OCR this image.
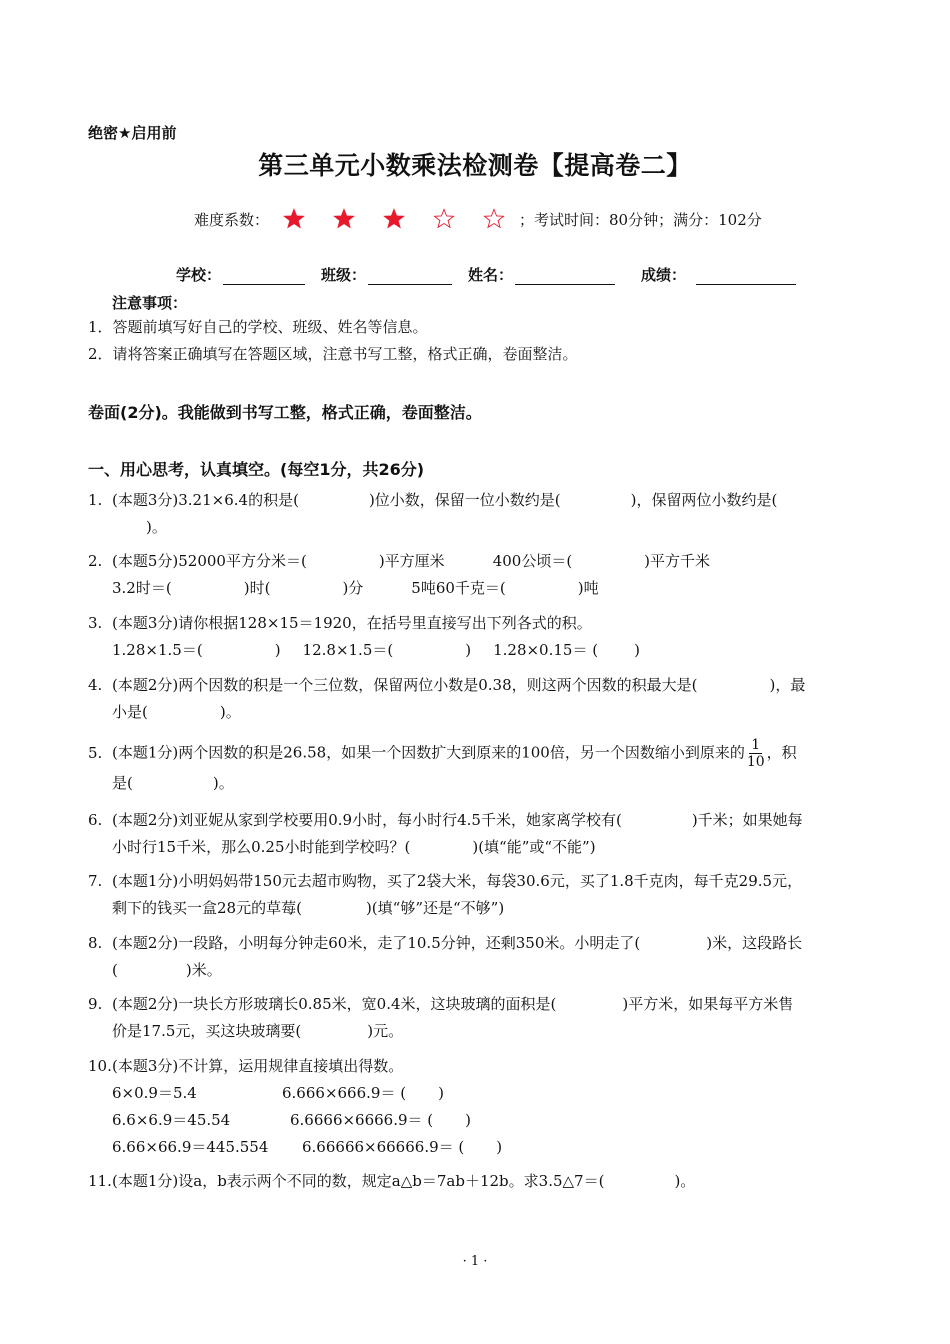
绝密★启用前
第三单元小数乘法检测卷【提高卷二】
难度系数：	；考试时间：80分钟；满分：102分
学校：	班级：	姓名：	成绩：
注意事项：
1．答题前填写好自己的学校、班级、姓名等信息。
2．请将答案正确填写在答题区域，注意书写工整，格式正确，卷面整洁。
卷面(2分)。我能做到书写工整，格式正确，卷面整洁。
一、用心思考，认真填空。(每空1分，共26分)
1. (本题3分)3.21×6.4的积是(	)位小数，保留一位小数约是(	)，保留两位小数约是(
)。
2. (本题5分)52000平方分米＝(	)平方厘米	400公顷＝(	)平方千米
3.2时＝(	)时(	)分	5吨60千克＝(	)吨
3. (本题3分)请你根据128×15＝1920，在括号里直接写出下列各式的积。
1.28×1.5＝(	) 12.8×1.5＝(	) 1.28×0.15＝ ( )
4. (本题2分)两个因数的积是一个三位数，保留两位小数是0.38，则这两个因数的积最大是(	)，最
小是(	)。
5. (本题1分)两个因数的积是26.58，如果一个因数扩大到原来的100倍，另一个因数缩小到原来的 $\frac{1}{10}$ ，积
是(	)。
6. (本题2分)刘亚妮从家到学校要用0.9小时，每小时行4.5千米，她家离学校有(	)千米；如果她每
小时行15千米，那么0.25小时能到学校吗？(	)(填“能”或“不能”)
7. (本题1分)小明妈妈带150元去超市购物，买了2袋大米，每袋30.6元，买了1.8千克肉，每千克29.5元，
剩下的钱买一盒28元的草莓(	)(填“够”还是“不够”)
8. (本题2分)一段路，小明每分钟走60米，走了10.5分钟，还剩350米。小明走了(	)米，这段路长
(	)米。
9. (本题2分)一块长方形玻璃长0.85米，宽0.4米，这块玻璃的面积是(	)平方米，如果每平方米售
价是17.5元，买这块玻璃要(	)元。
10.(本题3分)不计算，运用规律直接填出得数。
6×0.9＝5.4	6.666×666.9＝ ( )
6.6×6.9＝45.54	6.6666×6666.9＝ ( )
6.66×66.9＝445.554 6.66666×66666.9＝ ( )
11.(本题1分)设a，b表示两个不同的数，规定a△b＝7ab＋12b。求3.5△7＝(	)。
· 1 ·
